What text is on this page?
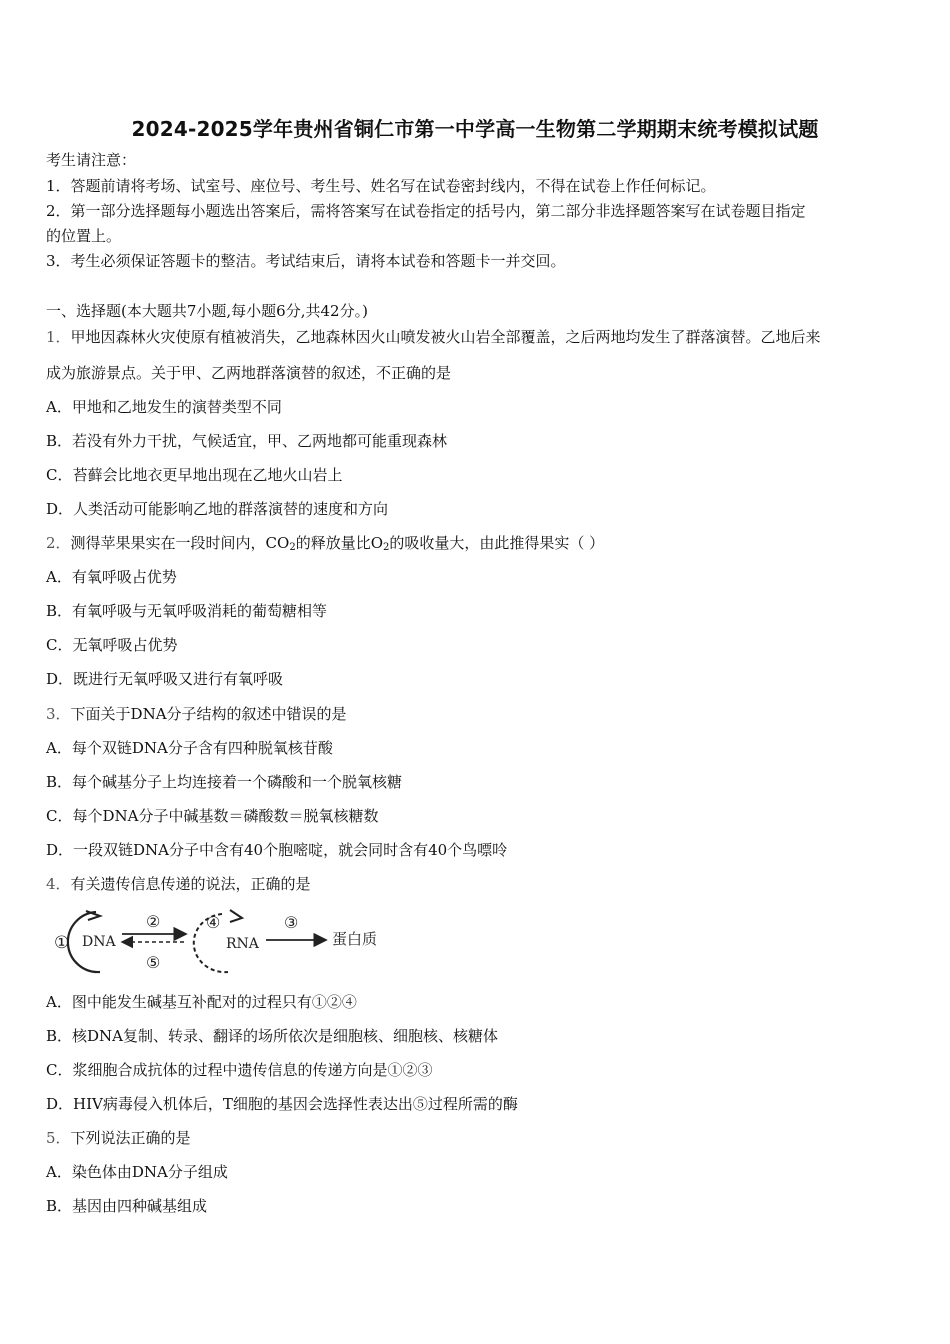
2024-2025学年贵州省铜仁市第一中学高一生物第二学期期末统考模拟试题
考生请注意：
1．答题前请将考场、试室号、座位号、考生号、姓名写在试卷密封线内，不得在试卷上作任何标记。
2．第一部分选择题每小题选出答案后，需将答案写在试卷指定的括号内，第二部分非选择题答案写在试卷题目指定
的位置上。
3．考生必须保证答题卡的整洁。考试结束后，请将本试卷和答题卡一并交回。
一、选择题(本大题共7小题,每小题6分,共42分。)
1．甲地因森林火灾使原有植被消失，乙地森林因火山喷发被火山岩全部覆盖，之后两地均发生了群落演替。乙地后来
成为旅游景点。关于甲、乙两地群落演替的叙述，不正确的是
A．甲地和乙地发生的演替类型不同
B．若没有外力干扰，气候适宜，甲、乙两地都可能重现森林
C．苔藓会比地衣更早地出现在乙地火山岩上
D．人类活动可能影响乙地的群落演替的速度和方向
2．测得苹果果实在一段时间内，$CO_2$的释放量比$O_2$的吸收量大，由此推得果实（ ）
A．有氧呼吸占优势
B．有氧呼吸与无氧呼吸消耗的葡萄糖相等
C．无氧呼吸占优势
D．既进行无氧呼吸又进行有氧呼吸
3．下面关于DNA分子结构的叙述中错误的是
A．每个双链DNA分子含有四种脱氧核苷酸
B．每个碱基分子上均连接着一个磷酸和一个脱氧核糖
C．每个DNA分子中碱基数＝磷酸数＝脱氧核糖数
D．一段双链DNA分子中含有40个胞嘧啶，就会同时含有40个鸟嘌呤
4．有关遗传信息传递的说法，正确的是
① DNA
②
⑤
④
RNA
③
蛋白质
A．图中能发生碱基互补配对的过程只有①②④
B．核DNA复制、转录、翻译的场所依次是细胞核、细胞核、核糖体
C．浆细胞合成抗体的过程中遗传信息的传递方向是①②③
D．HIV病毒侵入机体后，T细胞的基因会选择性表达出⑤过程所需的酶
5．下列说法正确的是
A．染色体由DNA分子组成
B．基因由四种碱基组成
